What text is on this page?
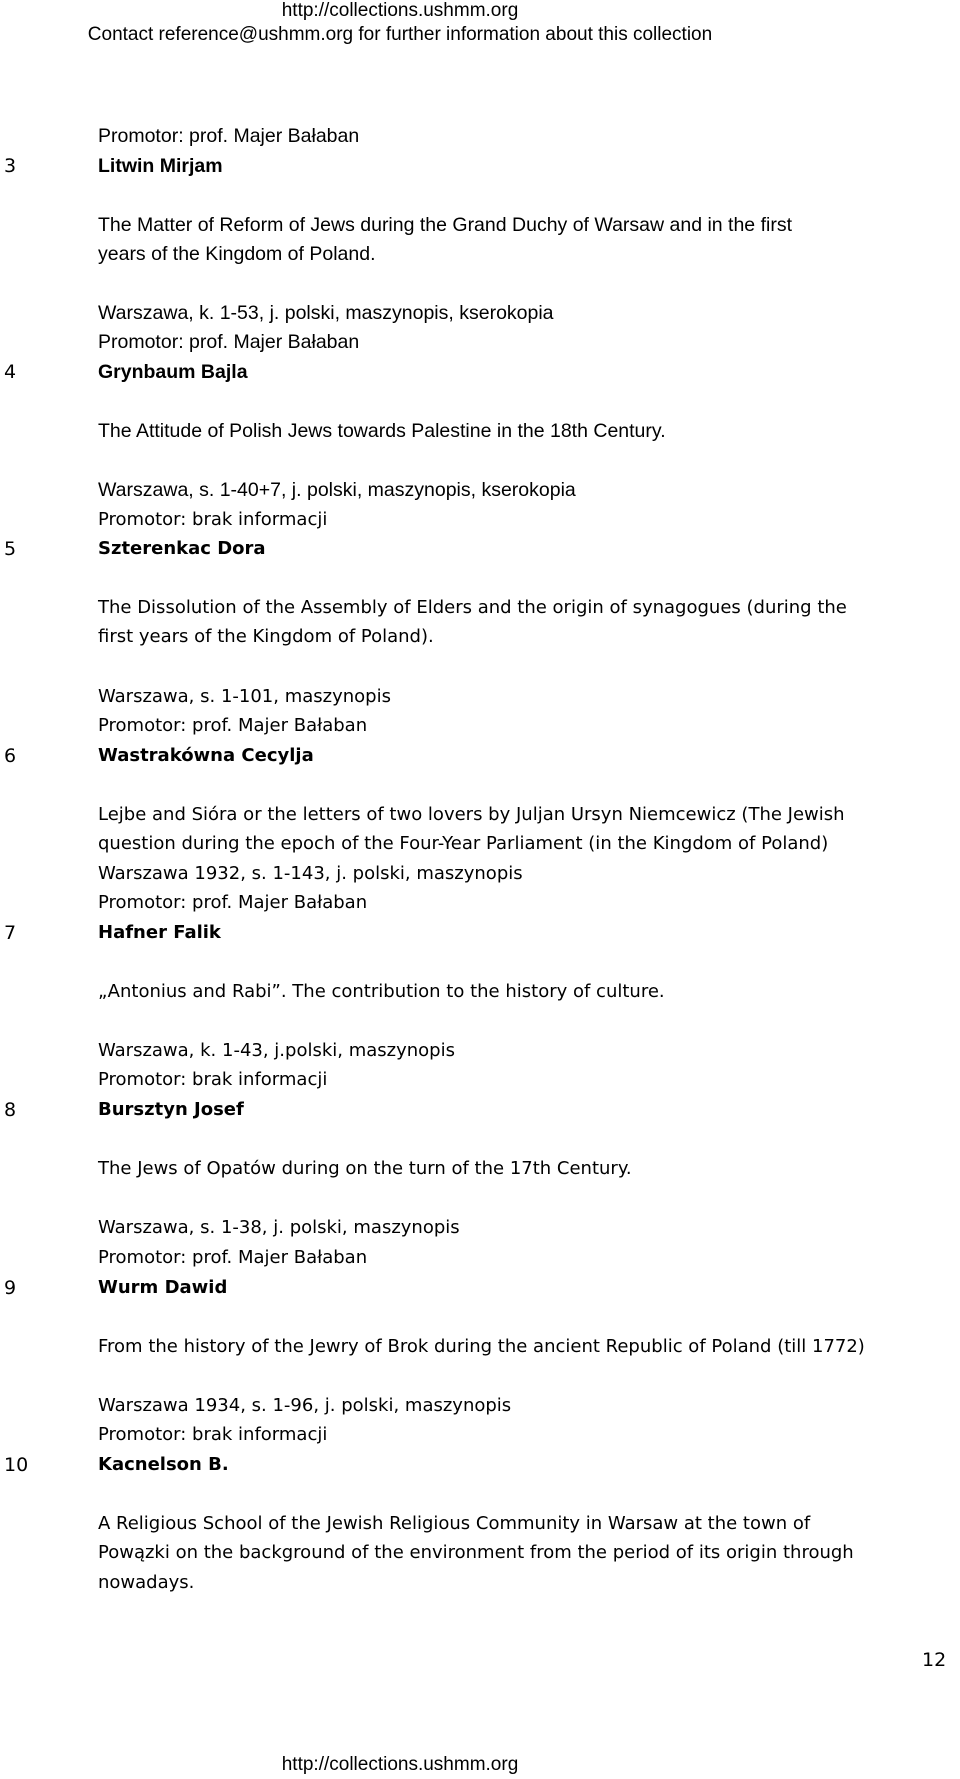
http://collections.ushmm.org
Contact reference@ushmm.org for further information about this collection
Promotor: prof. Majer Bałaban
3	Litwin Mirjam
The Matter of Reform of Jews during the Grand Duchy of Warsaw and in the first
years of the Kingdom of Poland.
Warszawa, k. 1-53, j. polski, maszynopis, kserokopia
Promotor: prof. Majer Bałaban
4	Grynbaum Bajla
The Attitude of Polish Jews towards Palestine in the 18th Century.
Warszawa, s. 1-40+7, j. polski, maszynopis, kserokopia
Promotor: brak informacji
5	Szterenkac Dora
The Dissolution of the Assembly of Elders and the origin of synagogues (during the
first years of the Kingdom of Poland).
Warszawa, s. 1-101, maszynopis
Promotor: prof. Majer Bałaban
6	Wastrakówna Cecylja
Lejbe and Sióra or the letters of two lovers by Juljan Ursyn Niemcewicz (The Jewish
question during the epoch of the Four-Year Parliament (in the Kingdom of Poland)
Warszawa 1932, s. 1-143, j. polski, maszynopis
Promotor: prof. Majer Bałaban
7	Hafner Falik
„Antonius and Rabi”. The contribution to the history of culture.
Warszawa, k. 1-43, j.polski, maszynopis
Promotor: brak informacji
8	Bursztyn Josef
The Jews of Opatów during on the turn of the 17th Century.
Warszawa, s. 1-38, j. polski, maszynopis
Promotor: prof. Majer Bałaban
9	Wurm Dawid
From the history of the Jewry of Brok during the ancient Republic of Poland (till 1772)
Warszawa 1934, s. 1-96, j. polski, maszynopis
Promotor: brak informacji
10	Kacnelson B.
A Religious School of the Jewish Religious Community in Warsaw at the town of
Powązki on the background of the environment from the period of its origin through
nowadays.
12
http://collections.ushmm.org
